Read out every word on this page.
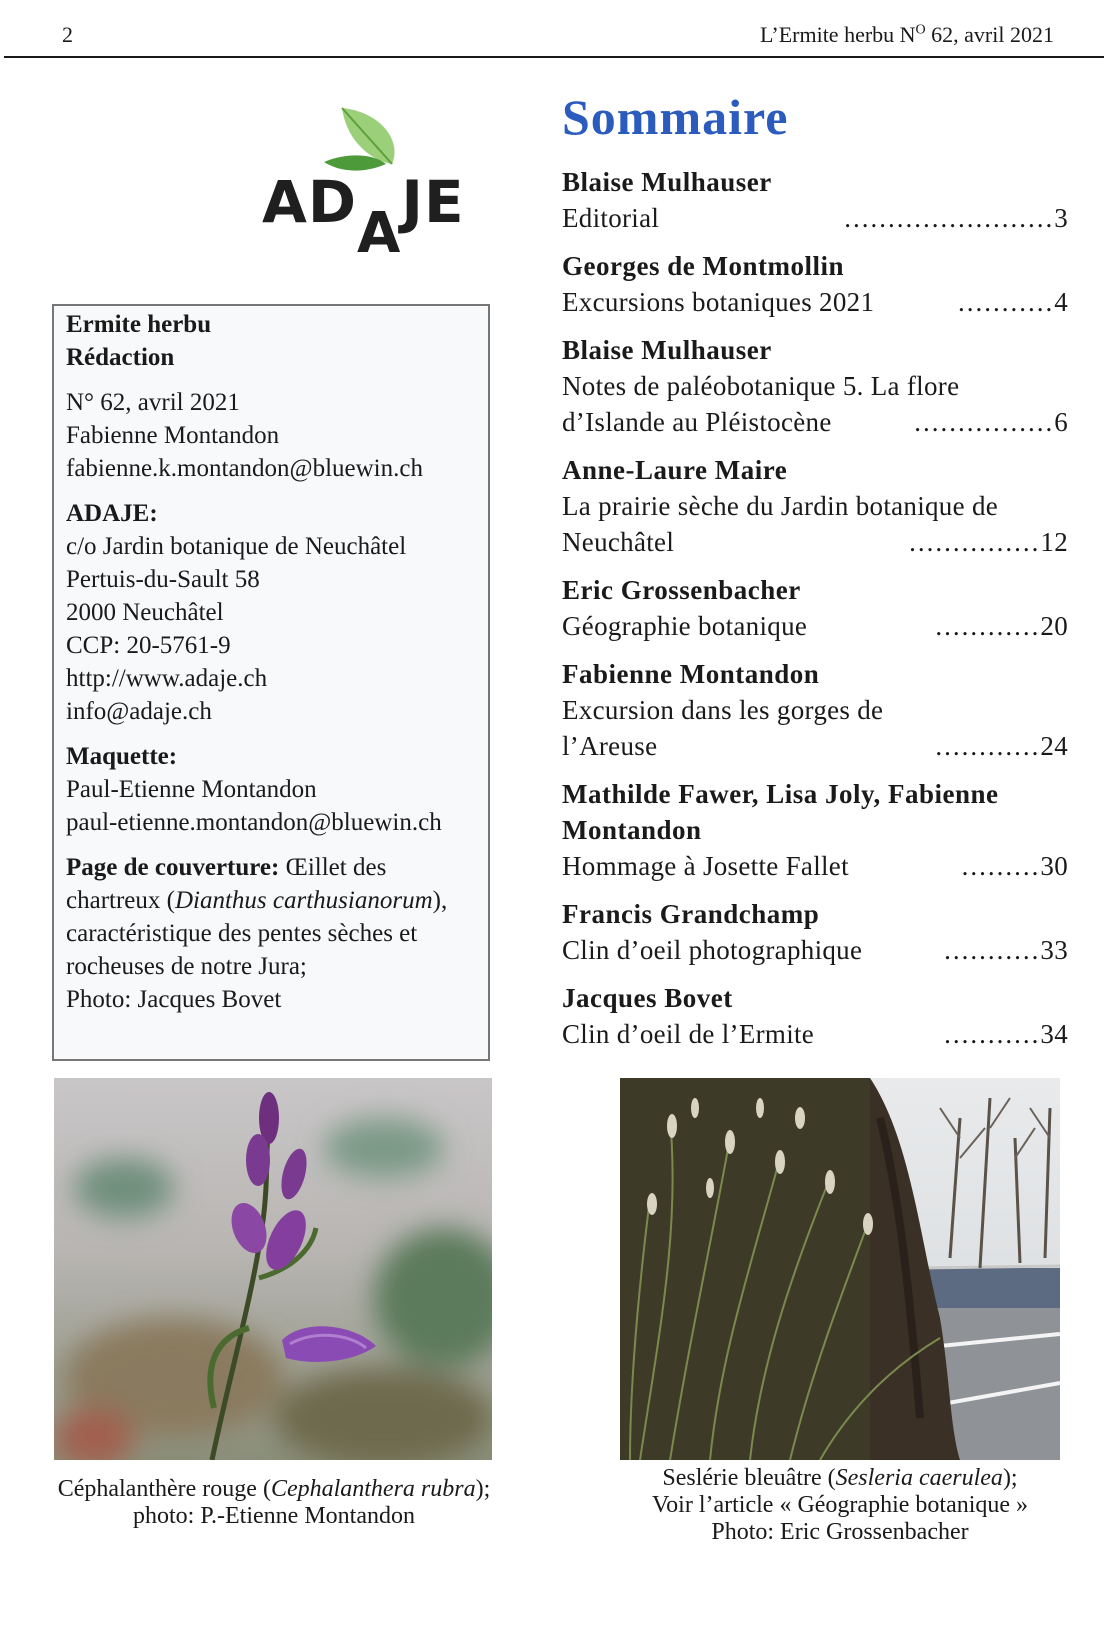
2	L’Ermite herbu $N^O$ 62, avril 2021
ADAJE

Ermite herbu
Rédaction

N° 62, avril 2021
Fabienne Montandon
fabienne.k.montandon@bluewin.ch

ADAJE:
c/o Jardin botanique de Neuchâtel
Pertuis-du-Sault 58
2000 Neuchâtel
CCP: 20-5761-9
http://www.adaje.ch
info@adaje.ch

Maquette:
Paul-Etienne Montandon
paul-etienne.montandon@bluewin.ch

Page de couverture: Œillet des chartreux (Dianthus carthusianorum), caractéristique des pentes sèches et rocheuses de notre Jura;
Photo: Jacques Bovet

Sommaire
Blaise Mulhauser
Editorial	........................3
Georges de Montmollin
Excursions botaniques 2021	...........4
Blaise Mulhauser
Notes de paléobotanique 5. La flore
d’Islande au Pléistocène	................6
Anne-Laure Maire
La prairie sèche du Jardin botanique de
Neuchâtel	...............12
Eric Grossenbacher
Géographie botanique	............20
Fabienne Montandon
Excursion dans les gorges de
l’Areuse	............24
Mathilde Fawer, Lisa Joly, Fabienne Montandon
Hommage à Josette Fallet	.........30
Francis Grandchamp
Clin d’oeil photographique	...........33
Jacques Bovet
Clin d’oeil de l’Ermite	...........34
Céphalanthère rouge (Cephalanthera rubra); photo: P.-Etienne Montandon
Seslérie bleuâtre (Sesleria caerulea);
Voir l’article « Géographie botanique »
Photo: Eric Grossenbacher
